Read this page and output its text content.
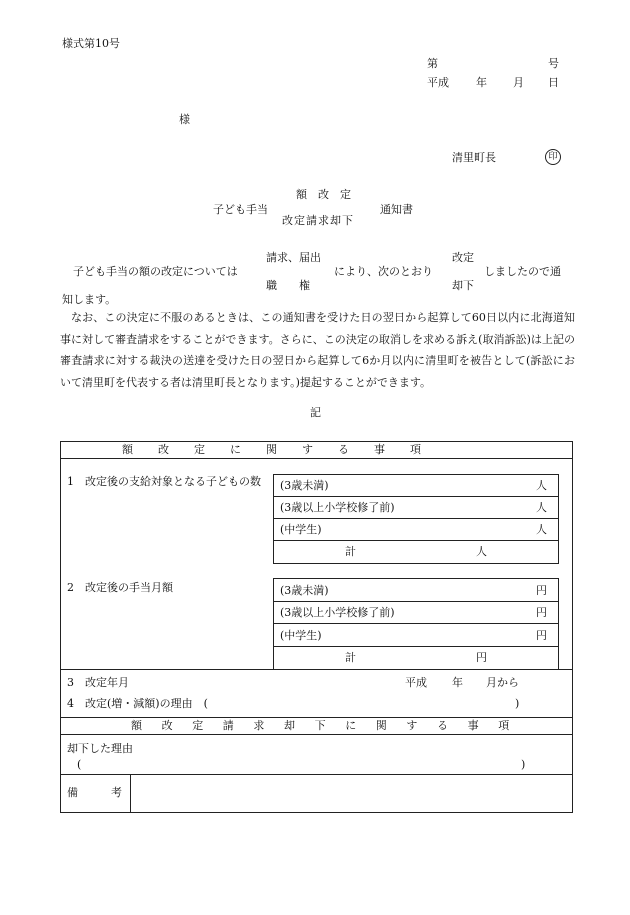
様式第10号
第	号
平成 年 月 日
様
清里町長	印
子ども手当
額　改　定
改定請求却下
通知書
子ども手当の額の改定については
請求、届出
職　　権
により、次のとおり
改定
却下
しましたので通
知します。
なお、この決定に不服のあるときは、この通知書を受けた日の翌日から起算して60日以内に北海道知事に対して審査請求をすることができます。さらに、この決定の取消しを求める訴え(取消訴訟)は上記の審査請求に対する裁決の送達を受けた日の翌日から起算して6か月以内に清里町を被告として(訴訟において清里町を代表する者は清里町長となります。)提起することができます。
記
額　改　定　に　関　す　る　事　項
1　改定後の支給対象となる子どもの数 (3歳未満)	人
(3歳以上小学校修了前)	人
(中学生)	人
計	人
2　改定後の手当月額	(3歳未満)	円
(3歳以上小学校修了前)	円
(中学生)	円
計	円
3　改定年月	平成 年 月から
4　改定(増・減額)の理由　(	)
額　改　定　請　求　却　下　に　関　す　る　事　項
却下した理由
(	)
備　　　考
